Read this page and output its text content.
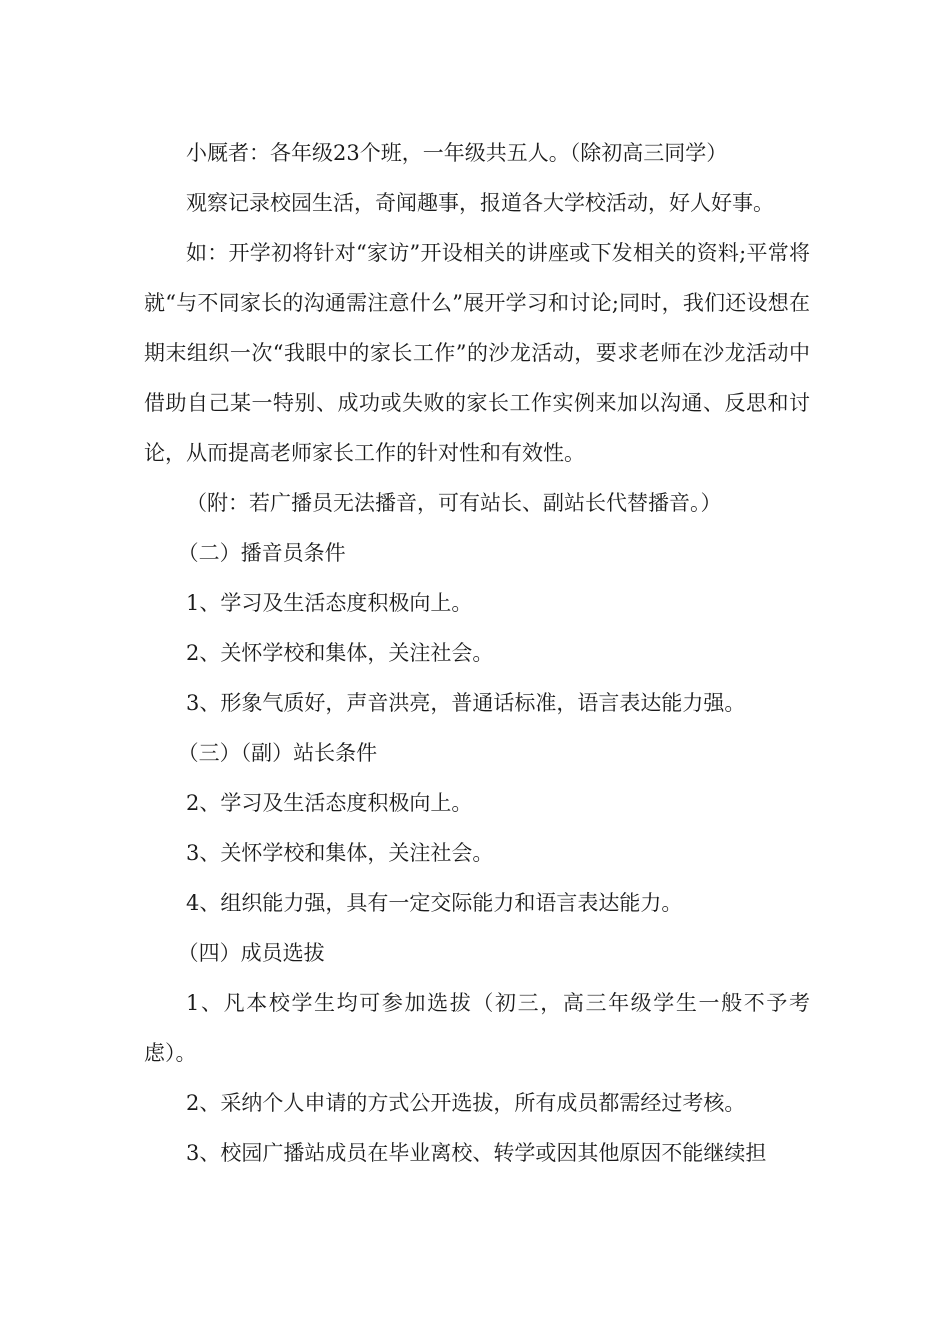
小厩者：各年级23个班，一年级共五人。（除初高三同学）

观察记录校园生活，奇闻趣事，报道各大学校活动，好人好事。

如：开学初将针对“家访”开设相关的讲座或下发相关的资料;平常将就“与不同家长的沟通需注意什么”展开学习和讨论;同时，我们还设想在期末组织一次“我眼中的家长工作”的沙龙活动，要求老师在沙龙活动中借助自己某一特别、成功或失败的家长工作实例来加以沟通、反思和讨论，从而提高老师家长工作的针对性和有效性。

（附：若广播员无法播音，可有站长、副站长代替播音。）

（二）播音员条件

1、学习及生活态度积极向上。

2、关怀学校和集体，关注社会。

3、形象气质好，声音洪亮，普通话标准，语言表达能力强。

（三）（副）站长条件

2、学习及生活态度积极向上。

3、关怀学校和集体，关注社会。

4、组织能力强，具有一定交际能力和语言表达能力。

（四）成员选拔

1、凡本校学生均可参加选拔（初三，高三年级学生一般不予考虑）。

2、采纳个人申请的方式公开选拔，所有成员都需经过考核。

3、校园广播站成员在毕业离校、转学或因其他原因不能继续担
